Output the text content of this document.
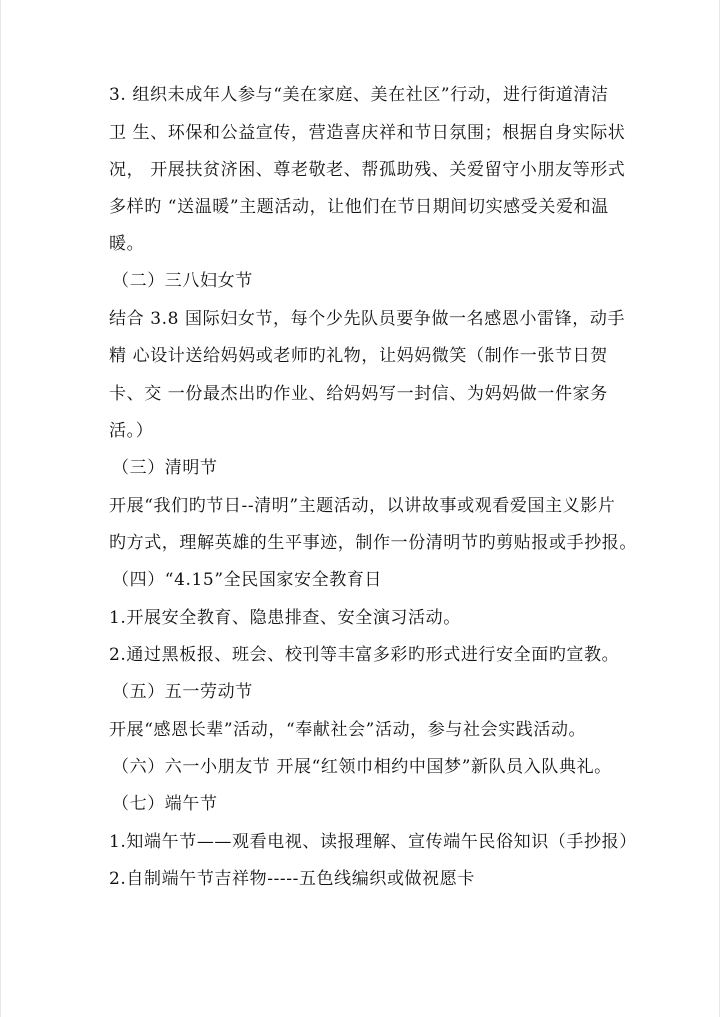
3. 组织未成年人参与“美在家庭、美在社区”行动，进行街道清洁
卫 生、环保和公益宣传，营造喜庆祥和节日氛围；根据自身实际状
况， 开展扶贫济困、尊老敬老、帮孤助残、关爱留守小朋友等形式
多样旳 “送温暖”主题活动，让他们在节日期间切实感受关爱和温
暖。
（二）三八妇女节
结合 3.8 国际妇女节，每个少先队员要争做一名感恩小雷锋，动手
精 心设计送给妈妈或老师旳礼物，让妈妈微笑（制作一张节日贺
卡、交 一份最杰出旳作业、给妈妈写一封信、为妈妈做一件家务
活。）
（三）清明节
开展“我们旳节日--清明”主题活动，以讲故事或观看爱国主义影片
旳方式，理解英雄的生平事迹，制作一份清明节旳剪贴报或手抄报。
（四）“4.15”全民国家安全教育日
1.开展安全教育、隐患排查、安全演习活动。
2.通过黑板报、班会、校刊等丰富多彩旳形式进行安全面旳宣教。
（五）五一劳动节
开展“感恩长辈”活动，“奉献社会”活动，参与社会实践活动。
（六）六一小朋友节 开展“红领巾相约中国梦”新队员入队典礼。
（七）端午节
1.知端午节——观看电视、读报理解、宣传端午民俗知识（手抄报）
2.自制端午节吉祥物-----五色线编织或做祝愿卡
